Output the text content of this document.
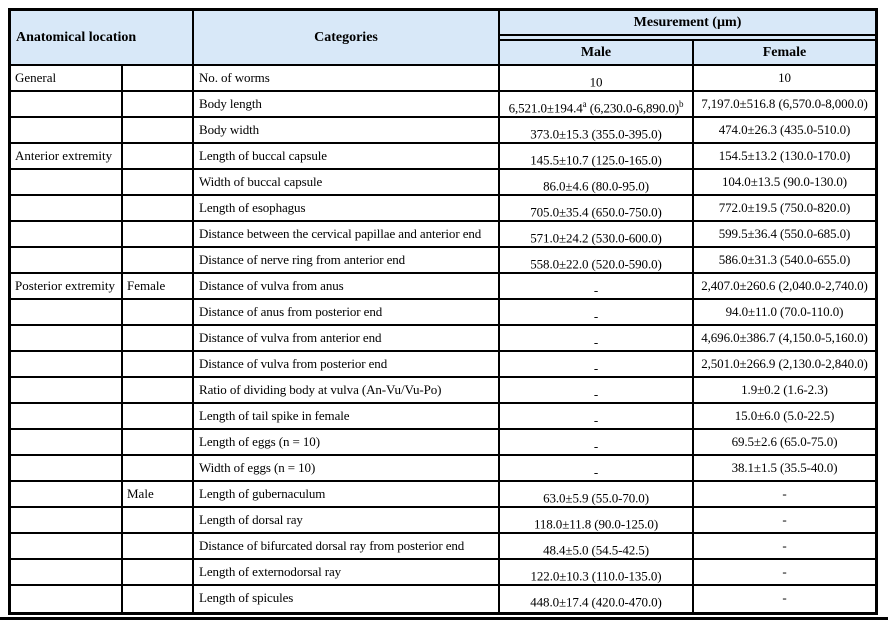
Anatomical location	Categories
Mesurement (µm)
Male	Female
General	No. of worms	10	10
Body length	6,521.0±194.4$^a$ $(6,230.0-6,890.0)^b$	7,197.0±516.8 (6,570.0-8,000.0)
Body width	373.0±15.3 (355.0-395.0)	474.0±26.3 (435.0-510.0)
Anterior extremity	Length of buccal capsule	145.5±10.7 (125.0-165.0)	154.5±13.2 (130.0-170.0)
Width of buccal capsule	86.0±4.6 (80.0-95.0)	104.0±13.5 (90.0-130.0)
Length of esophagus	705.0±35.4 (650.0-750.0)	772.0±19.5 (750.0-820.0)
Distance between the cervical papillae and anterior end	571.0±24.2 (530.0-600.0)	599.5±36.4 (550.0-685.0)
Distance of nerve ring from anterior end	558.0±22.0 (520.0-590.0)	586.0±31.3 (540.0-655.0)
Posterior extremity Female	Distance of vulva from anus	-	2,407.0±260.6 (2,040.0-2,740.0)
Distance of anus from posterior end	-	94.0±11.0 (70.0-110.0)
Distance of vulva from anterior end	-	4,696.0±386.7 (4,150.0-5,160.0)
Distance of vulva from posterior end	-	2,501.0±266.9 (2,130.0-2,840.0)
Ratio of dividing body at vulva (An-Vu/Vu-Po)	-	1.9±0.2 (1.6-2.3)
Length of tail spike in female	-	15.0±6.0 (5.0-22.5)
Length of eggs (n = 10)	-	69.5±2.6 (65.0-75.0)
Width of eggs (n = 10)	-	38.1±1.5 (35.5-40.0)
Male	Length of gubernaculum	63.0±5.9 (55.0-70.0)	-
Length of dorsal ray	118.0±11.8 (90.0-125.0)	-
Distance of bifurcated dorsal ray from posterior end	48.4±5.0 (54.5-42.5)	-
Length of externodorsal ray	122.0±10.3 (110.0-135.0)	-
Length of spicules	448.0±17.4 (420.0-470.0)	-
